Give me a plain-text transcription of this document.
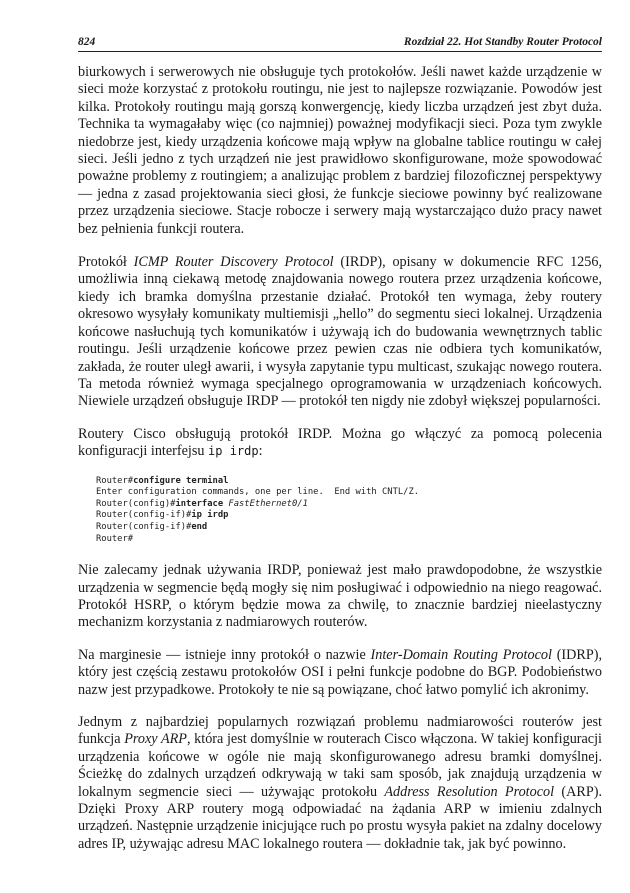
824	Rozdział 22. Hot Standby Router Protocol

biurkowych i serwerowych nie obsługuje tych protokołów. Jeśli nawet każde urządzenie w sieci może korzystać z protokołu routingu, nie jest to najlepsze rozwiązanie. Powodów jest kilka. Protokoły routingu mają gorszą konwergencję, kiedy liczba urządzeń jest zbyt duża. Technika ta wymagałaby więc (co najmniej) poważnej modyfikacji sieci. Poza tym zwykle niedobrze jest, kiedy urządzenia końcowe mają wpływ na globalne tablice routingu w całej sieci. Jeśli jedno z tych urządzeń nie jest prawidłowo skonfigurowane, może spowodować poważne problemy z routingiem; a analizując problem z bardziej filozoficznej perspektywy — jedna z zasad projektowania sieci głosi, że funkcje sieciowe powinny być realizowane przez urządzenia sieciowe. Stacje robocze i serwery mają wystarczająco dużo pracy nawet bez pełnienia funkcji routera.

Protokół ICMP Router Discovery Protocol (IRDP), opisany w dokumencie RFC 1256, umożliwia inną ciekawą metodę znajdowania nowego routera przez urządzenia końcowe, kiedy ich bramka domyślna przestanie działać. Protokół ten wymaga, żeby routery okresowo wysyłały komunikaty multiemisji „hello” do segmentu sieci lokalnej. Urządzenia końcowe nasłuchują tych komunikatów i używają ich do budowania wewnętrznych tablic routingu. Jeśli urządzenie końcowe przez pewien czas nie odbiera tych komunikatów, zakłada, że router uległ awarii, i wysyła zapytanie typu multicast, szukając nowego routera. Ta metoda również wymaga specjalnego oprogramowania w urządzeniach końcowych. Niewiele urządzeń obsługuje IRDP — protokół ten nigdy nie zdobył większej popularności.

Routery Cisco obsługują protokół IRDP. Można go włączyć za pomocą polecenia konfiguracji interfejsu ip irdp:

Router#configure terminal
Enter configuration commands, one per line.  End with CNTL/Z.
Router(config)#interface FastEthernet0/1
Router(config-if)#ip irdp
Router(config-if)#end
Router#

Nie zalecamy jednak używania IRDP, ponieważ jest mało prawdopodobne, że wszystkie urządzenia w segmencie będą mogły się nim posługiwać i odpowiednio na niego reagować. Protokół HSRP, o którym będzie mowa za chwilę, to znacznie bardziej nieelastyczny mechanizm korzystania z nadmiarowych routerów.

Na marginesie — istnieje inny protokół o nazwie Inter-Domain Routing Protocol (IDRP), który jest częścią zestawu protokołów OSI i pełni funkcje podobne do BGP. Podobieństwo nazw jest przypadkowe. Protokoły te nie są powiązane, choć łatwo pomylić ich akronimy.

Jednym z najbardziej popularnych rozwiązań problemu nadmiarowości routerów jest funkcja Proxy ARP, która jest domyślnie w routerach Cisco włączona. W takiej konfiguracji urządzenia końcowe w ogóle nie mają skonfigurowanego adresu bramki domyślnej. Ścieżkę do zdalnych urządzeń odkrywają w taki sam sposób, jak znajdują urządzenia w lokalnym segmencie sieci — używając protokołu Address Resolution Protocol (ARP). Dzięki Proxy ARP routery mogą odpowiadać na żądania ARP w imieniu zdalnych urządzeń. Następnie urządzenie inicjujące ruch po prostu wysyła pakiet na zdalny docelowy adres IP, używając adresu MAC lokalnego routera — dokładnie tak, jak być powinno.
